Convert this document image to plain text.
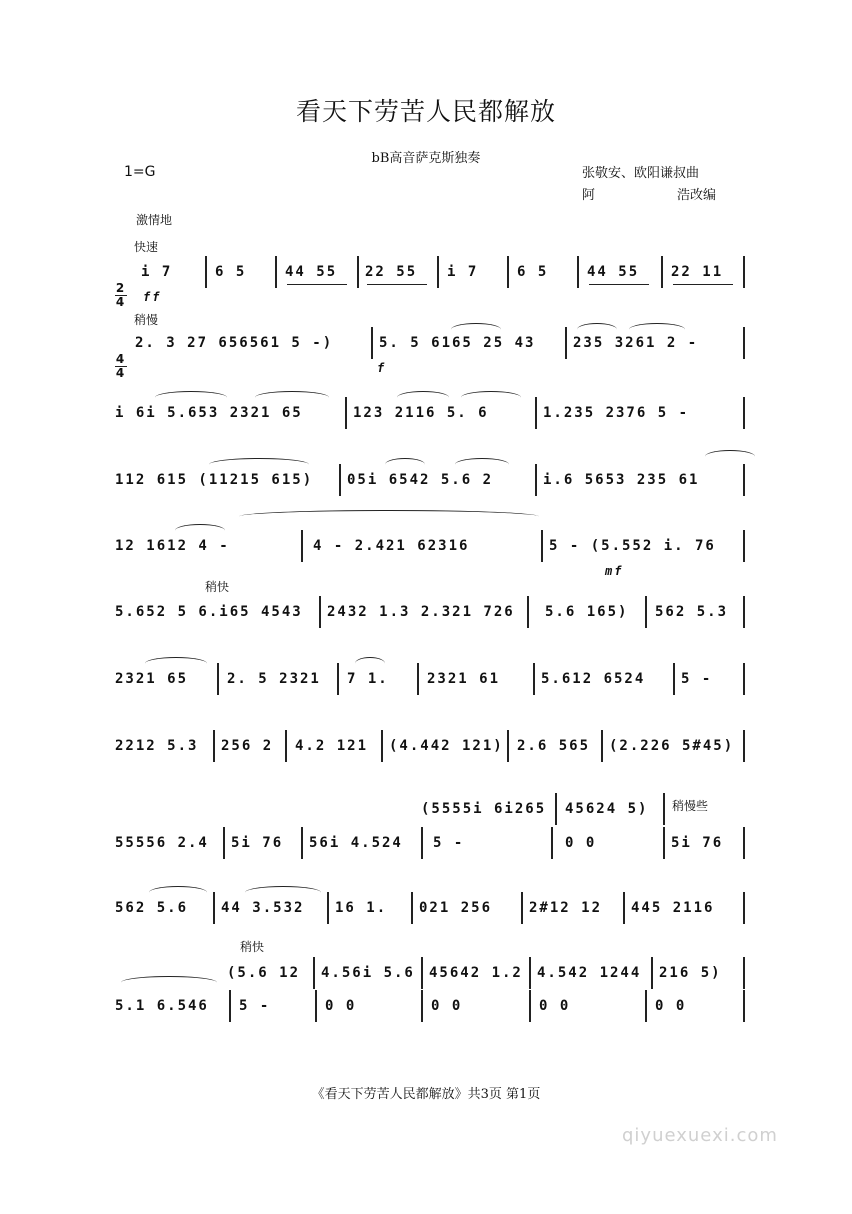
看天下劳苦人民都解放
bB高音萨克斯独奏
1=G	张敬安、欧阳谦叔曲
阿	浩改编
激情地
快速
稍慢
稍快
稍慢些
稍快

2
4

i 7

	6 5

	44 55

22 55

i 7

	6 5

	44 55

22 11

ff

4
4

2. 3 27 656561 5 -)

	5. 5 6165 25 43

	235 3261 2 -

f

i 6i 5.653 2321 65

	123 2116 5. 6

	1.235 2376 5 -

112 615 (11215 615)

05i 6542 5.6 2

	i.6 5653 235 61

12 1612 4 -

	4 - 2.421 62316

	5 - (5.552 i. 76

mf

5.652 5 6.i65 4543

2432 1.3 2.321 726

5.6 165)

562 5.3

2321 65

	2. 5 2321

7 1.

	2321 61

	5.612 6524

	5 -

2212 5.3

256 2

4.2 121

(4.442 121)

2.6 565

(2.226 5#45)

(5555i 6i265

45624 5)

55556 2.4

5i 76

56i 4.524

5 -

	0 0

	5i 76

562 5.6

44 3.532

16 1.

021 256

	2#12 12

445 2116

(5.6 12

4.56i 5.6

45642 1.2

4.542 1244

216 5)

5.1 6.546

5 -

	0 0

	0 0

	0 0

	0 0

《看天下劳苦人民都解放》共3页 第1页
qiyuexuexi.com
